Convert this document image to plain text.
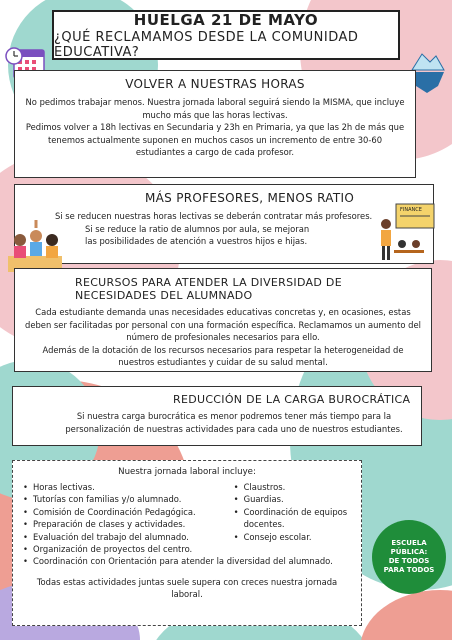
HUELGA 21 DE MAYO
¿QUÉ RECLAMAMOS DESDE LA COMUNIDAD EDUCATIVA?
VOLVER A NUESTRAS HORAS

No pedimos trabajar menos. Nuestra jornada laboral seguirá siendo la MISMA, que incluye mucho más que las horas lectivas.

Pedimos volver a 18h lectivas en Secundaria y 23h en Primaria, ya que las 2h de más que tenemos actualmente suponen en muchos casos un incremento de entre 30-60 estudiantes a cargo de cada profesor.

MÁS PROFESORES, MENOS RATIO

Si se reducen nuestras horas lectivas se deberán contratar más profesores.

Si se reduce la ratio de alumnos por aula, se mejoran las posibilidades de atención a vuestros hijos e hijas.

FINANCE
RECURSOS PARA ATENDER LA DIVERSIDAD DE NECESIDADES DEL ALUMNADO

Cada estudiante demanda unas necesidades educativas concretas y, en ocasiones, estas deben ser facilitadas por personal con una formación específica. Reclamamos un aumento del número de profesionales necesarios para ello.

Además de la dotación de los recursos necesarios para respetar la heterogeneidad de nuestros estudiantes y cuidar de su salud mental.

REDUCCIÓN DE LA CARGA BUROCRÁTICA

Si nuestra carga burocrática es menor podremos tener más tiempo para la personalización de nuestras actividades para cada uno de nuestros estudiantes.

Nuestra jornada laboral incluye:
• Horas lectivas.
• Tutorías con familias y/o alumnado.
• Comisión de Coordinación Pedagógica.
• Preparación de clases y actividades.
• Evaluación del trabajo del alumnado.
• Organización de proyectos del centro.
• Claustros.
• Guardias.
• Coordinación de equipos docentes.
• Consejo escolar.
• Coordinación con Orientación para atender la diversidad del alumnado.
Todas estas actividades juntas suele supera con creces nuestra jornada laboral.
ESCUELA PÚBLICA:
DE TODOS
PARA TODOS
